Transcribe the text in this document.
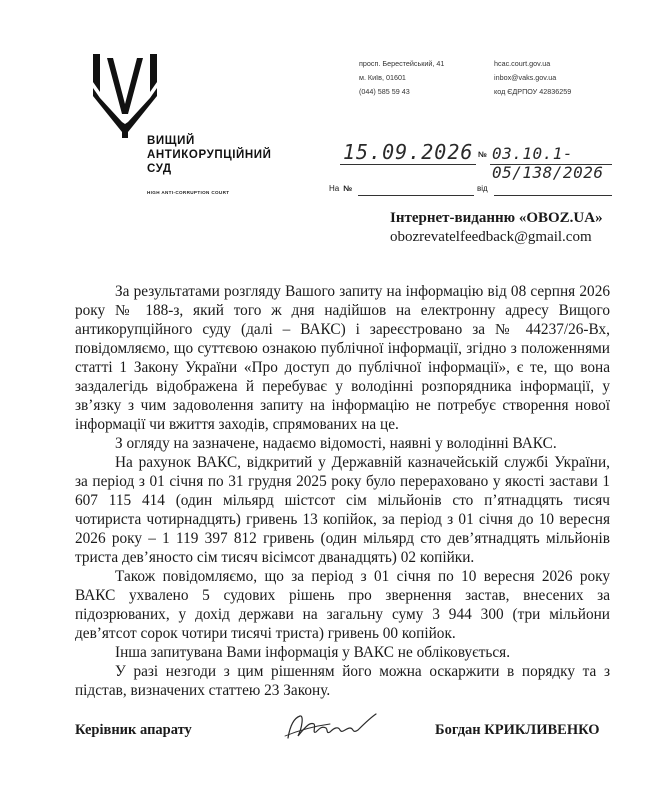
ВИЩИЙ
АНТИКОРУПЦІЙНИЙ
СУД
HIGH ANTI-CORRUPTION COURT
просп. Берестейський, 41
м. Київ, 01601
(044) 585 59 43
hcac.court.gov.ua
inbox@vaks.gov.ua
код ЄДРПОУ 42836259
15.09.2026 № 03.10.1-05/138/2026
На №	від
Інтернет-виданню «OBOZ.UA»
obozrevatelfeedback@gmail.com

За результатами розгляду Вашого запиту на інформацію від 08 серпня 2026 року № 188-з, який того ж дня надійшов на електронну адресу Вищого антикорупційного суду (далі – ВАКС) і зареєстровано за № 44237/26-Вх, повідомляємо, що суттєвою ознакою публічної інформації, згідно з положеннями статті 1 Закону України «Про доступ до публічної інформації», є те, що вона заздалегідь відображена й перебуває у володінні розпорядника інформації, у зв’язку з чим задоволення запиту на інформацію не потребує створення нової інформації чи вжиття заходів, спрямованих на це.

З огляду на зазначене, надаємо відомості, наявні у володінні ВАКС.

На рахунок ВАКС, відкритий у Державній казначейській службі України, за період з 01 січня по 31 грудня 2025 року було перераховано у якості застави 1 607 115 414 (один мільярд шістсот сім мільйонів сто п’ятнадцять тисяч чотириста чотирнадцять) гривень 13 копійок, за період з 01 січня до 10 вересня 2026 року – 1 119 397 812 гривень (один мільярд сто дев’ятнадцять мільйонів триста дев’яносто сім тисяч вісімсот дванадцять) 02 копійки.

Також повідомляємо, що за період з 01 січня по 10 вересня 2026 року ВАКС ухвалено 5 судових рішень про звернення застав, внесених за підозрюваних, у дохід держави на загальну суму 3 944 300 (три мільйони дев’ятсот сорок чотири тисячі триста) гривень 00 копійок.

Інша запитувана Вами інформація у ВАКС не обліковується.

У разі незгоди з цим рішенням його можна оскаржити в порядку та з підстав, визначених статтею 23 Закону.

Керівник апарату	Богдан КРИКЛИВЕНКО
